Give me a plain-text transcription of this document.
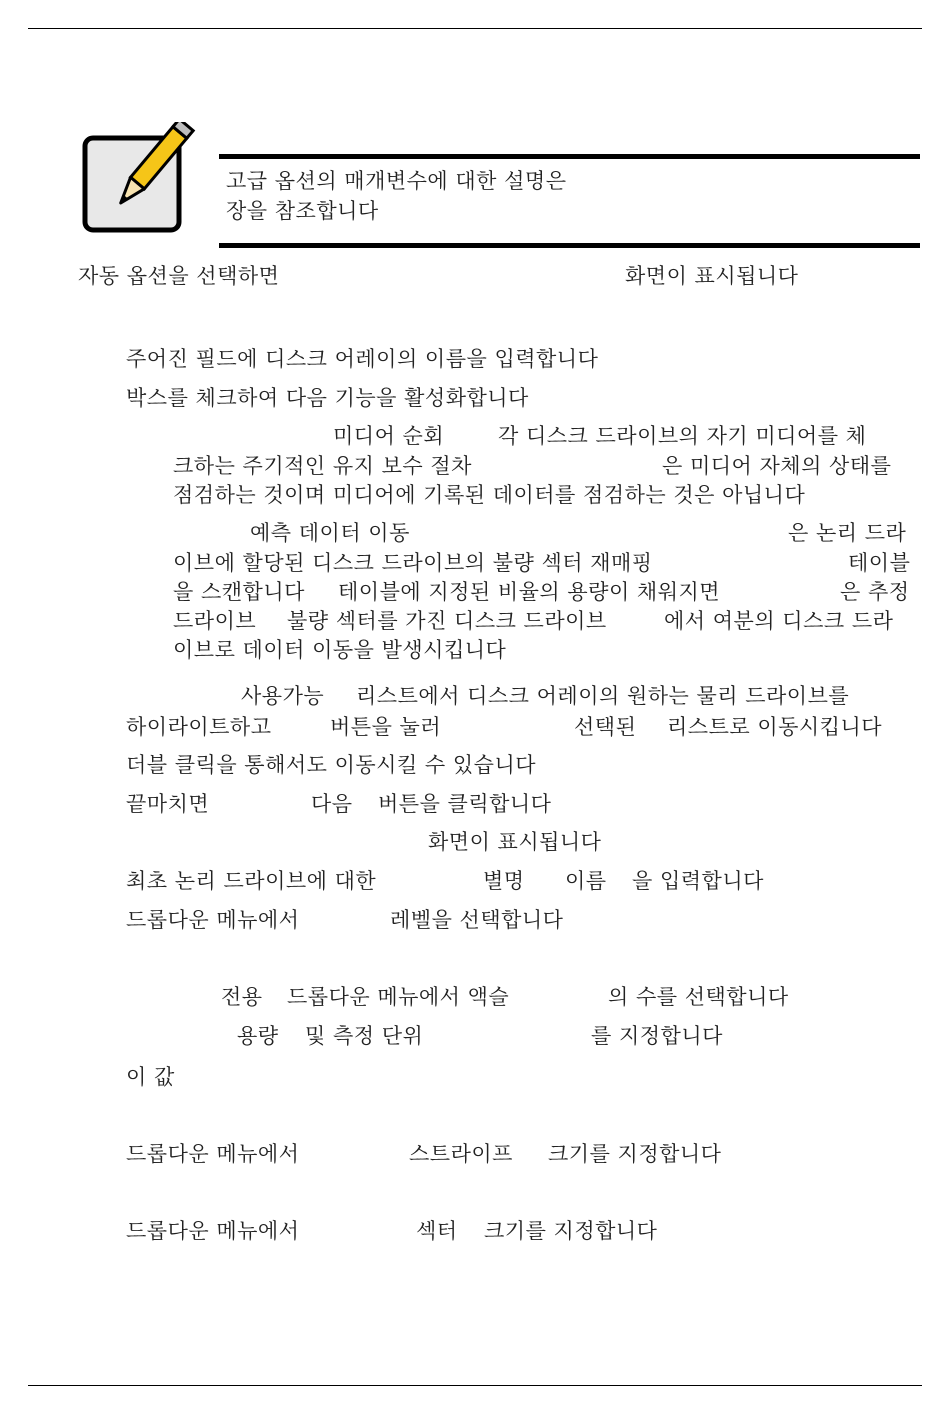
고급 옵션의 매개변수에 대한 설명은
장을 참조합니다
자동 옵션을 선택하면	화면이 표시됩니다
주어진 필드에 디스크 어레이의 이름을 입력합니다
박스를 체크하여 다음 기능을 활성화합니다
미디어 순회	각 디스크 드라이브의 자기 미디어를 체
크하는 주기적인 유지 보수 절차	은 미디어 자체의 상태를
점검하는 것이며 미디어에 기록된 데이터를 점검하는 것은 아닙니다
예측 데이터 이동	은 논리 드라
이브에 할당된 디스크 드라이브의 불량 섹터 재매핑	테이블
을 스캔합니다 테이블에 지정된 비율의 용량이 채워지면	은 추정
드라이브 불량 섹터를 가진 디스크 드라이브	에서 여분의 디스크 드라
이브로 데이터 이동을 발생시킵니다
사용가능 리스트에서 디스크 어레이의 원하는 물리 드라이브를
하이라이트하고	버튼을 눌러	선택된 리스트로 이동시킵니다
더블 클릭을 통해서도 이동시킬 수 있습니다
끝마치면	다음 버튼을 클릭합니다
화면이 표시됩니다
최초 논리 드라이브에 대한	별명 이름 을 입력합니다
드롭다운 메뉴에서	레벨을 선택합니다
전용 드롭다운 메뉴에서 액슬	의 수를 선택합니다
용량 및 측정 단위	를 지정합니다
이 값
드롭다운 메뉴에서	스트라이프 크기를 지정합니다
드롭다운 메뉴에서	섹터 크기를 지정합니다
